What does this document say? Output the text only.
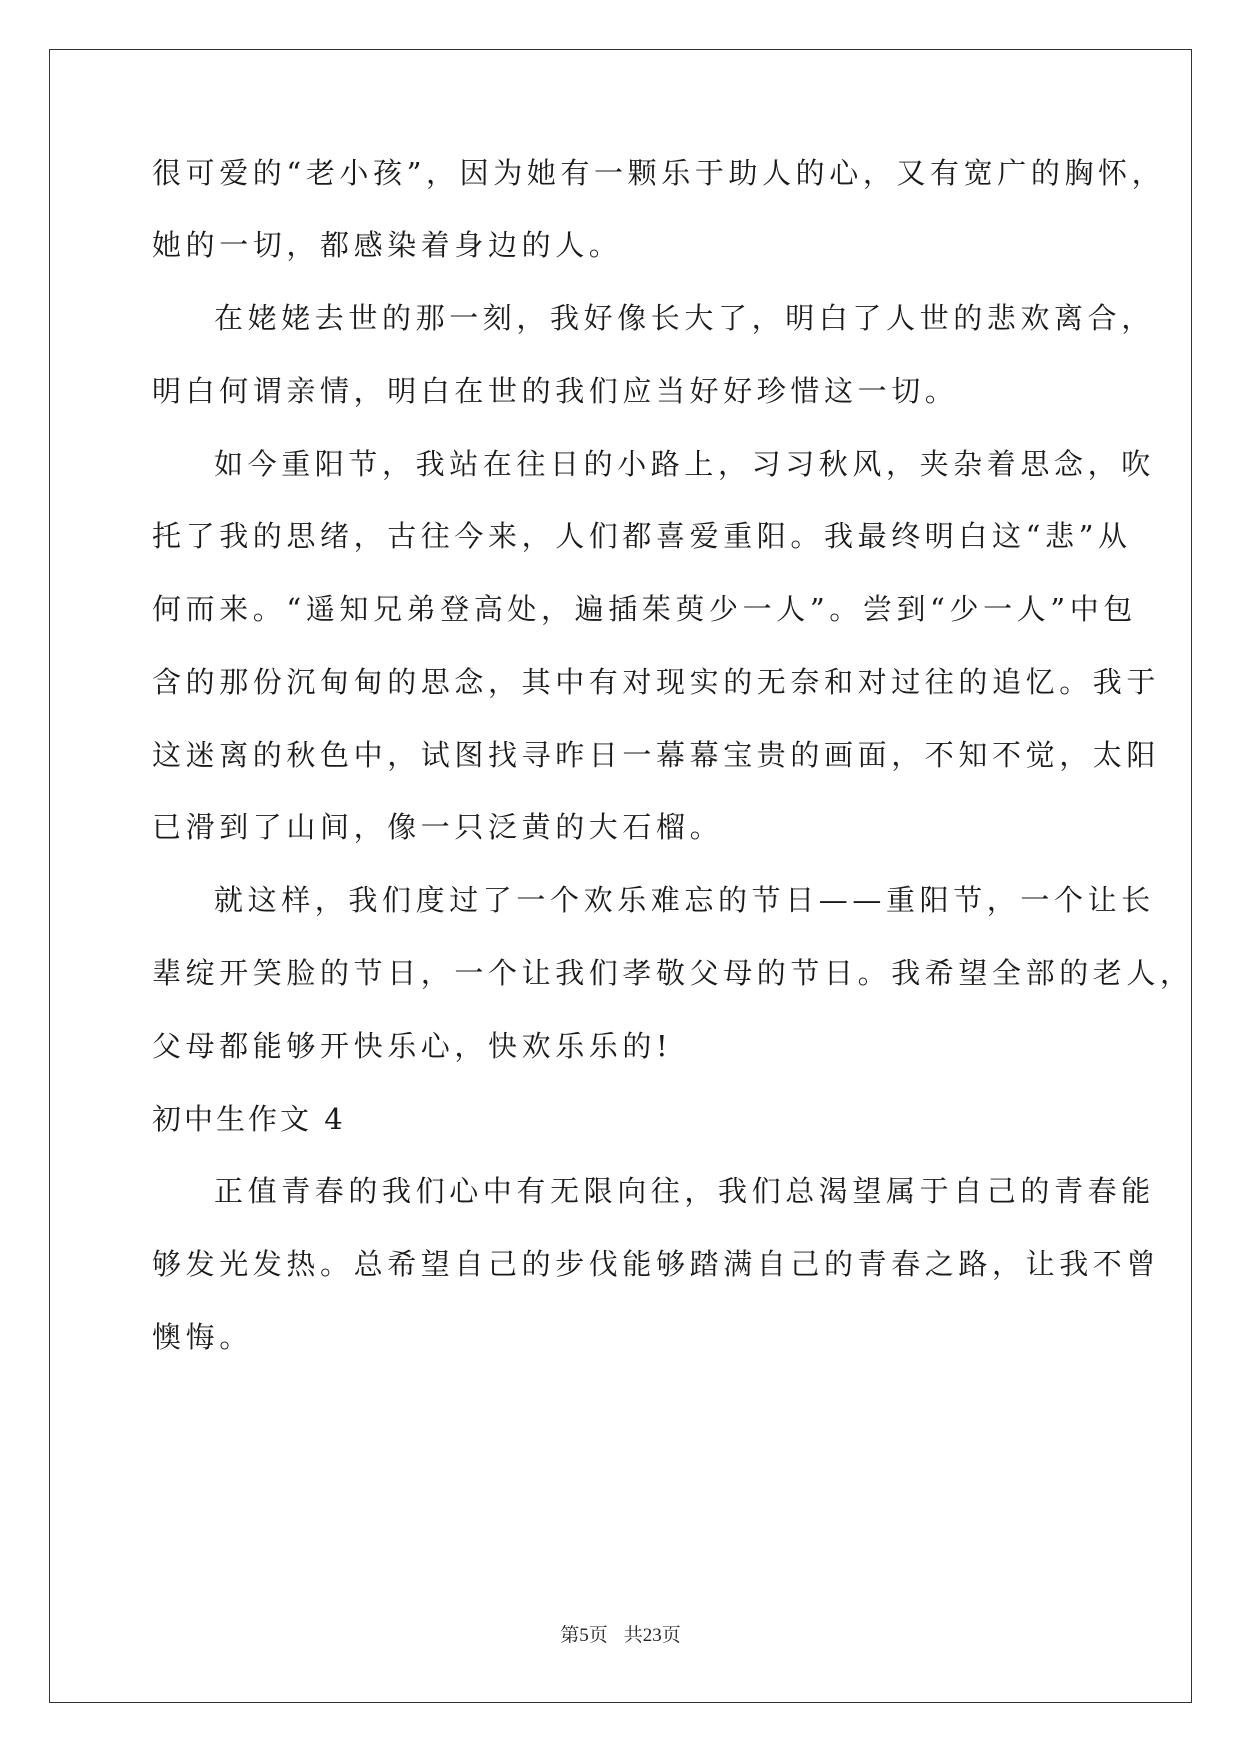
很可爱的“老小孩”，因为她有一颗乐于助人的心，又有宽广的胸怀，
她的一切，都感染着身边的人。
在姥姥去世的那一刻，我好像长大了，明白了人世的悲欢离合，
明白何谓亲情，明白在世的我们应当好好珍惜这一切。
如今重阳节，我站在往日的小路上，习习秋风，夹杂着思念，吹
托了我的思绪，古往今来，人们都喜爱重阳。我最终明白这“悲”从
何而来。“遥知兄弟登高处，遍插茱萸少一人”。尝到“少一人”中包
含的那份沉甸甸的思念，其中有对现实的无奈和对过往的追忆。我于
这迷离的秋色中，试图找寻昨日一幕幕宝贵的画面，不知不觉，太阳
已滑到了山间，像一只泛黄的大石榴。
就这样，我们度过了一个欢乐难忘的节日——重阳节，一个让长
辈绽开笑脸的节日，一个让我们孝敬父母的节日。我希望全部的老人，
父母都能够开快乐心，快欢乐乐的!
初中生作文 4
正值青春的我们心中有无限向往，我们总渴望属于自己的青春能
够发光发热。总希望自己的步伐能够踏满自己的青春之路，让我不曾
懊悔。
第5页 共23页
